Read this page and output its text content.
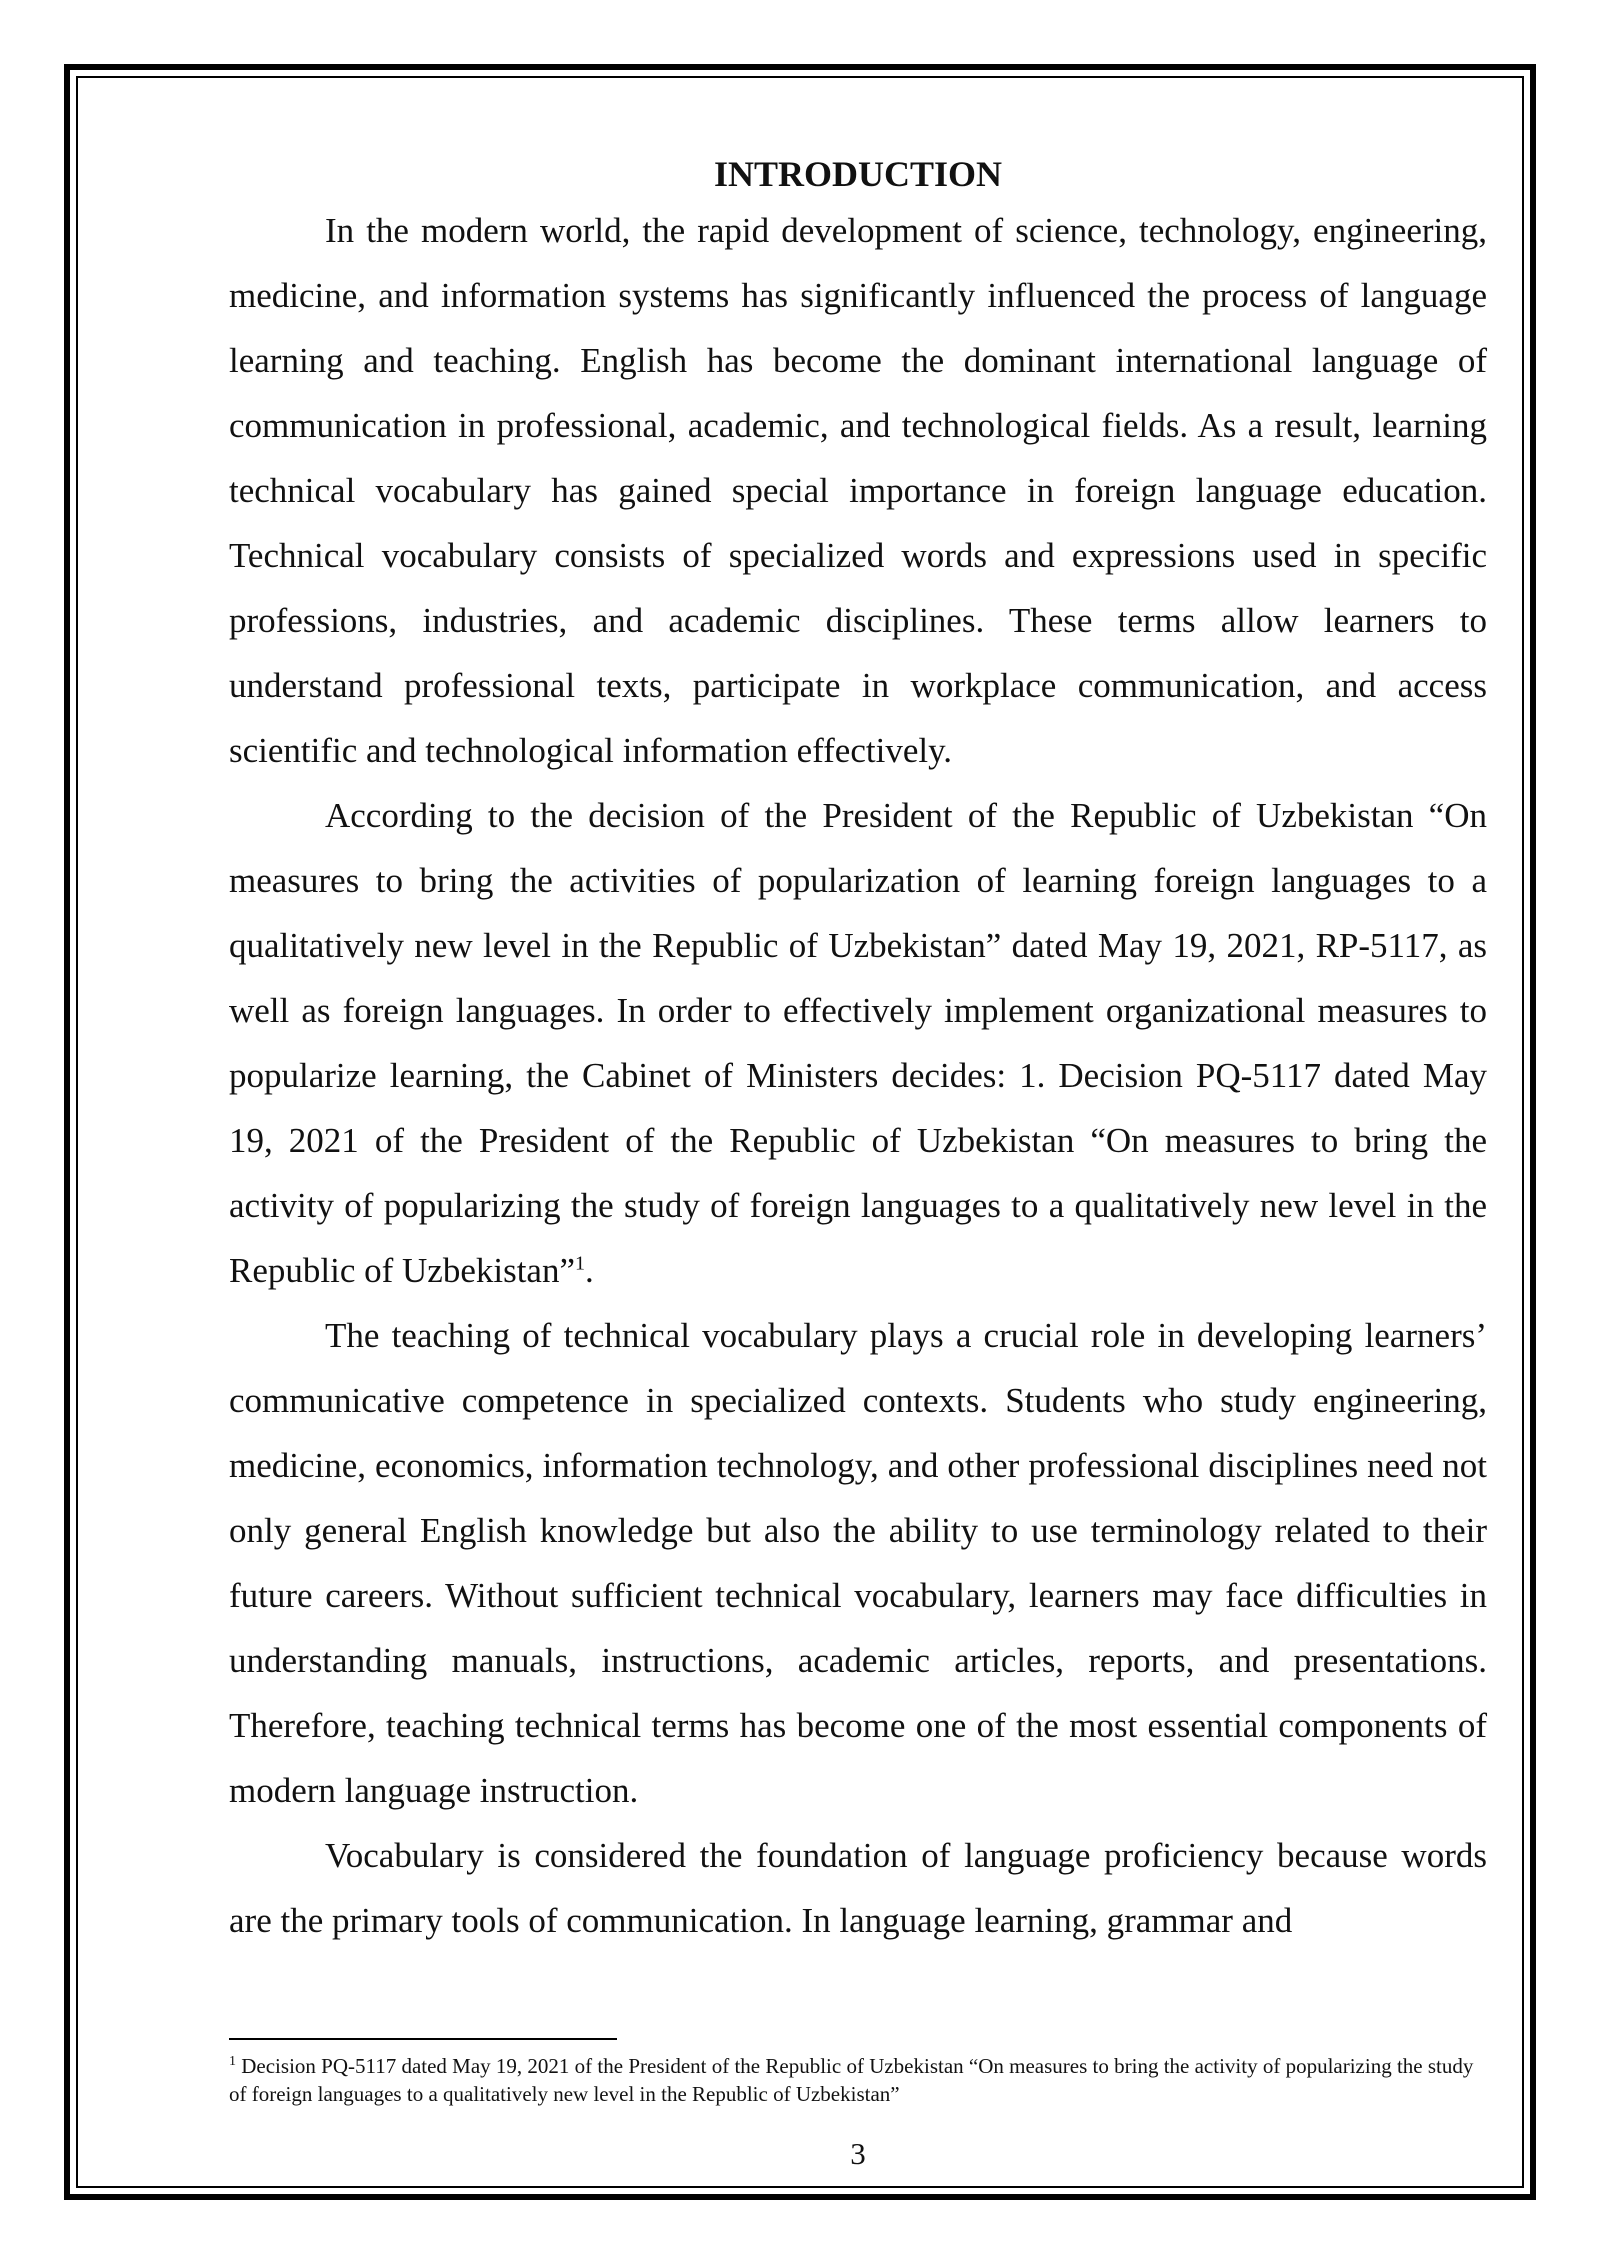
INTRODUCTION

In the modern world, the rapid development of science, technology, engineering, medicine, and information systems has significantly influenced the process of language learning and teaching. English has become the dominant international language of communication in professional, academic, and technological fields. As a result, learning technical vocabulary has gained special importance in foreign language education. Technical vocabulary consists of specialized words and expressions used in specific professions, industries, and academic disciplines. These terms allow learners to understand professional texts, participate in workplace communication, and access scientific and technological information effectively.

According to the decision of the President of the Republic of Uzbekistan “On measures to bring the activities of popularization of learning foreign languages to a qualitatively new level in the Republic of Uzbekistan” dated May 19, 2021, RP-5117, as well as foreign languages. In order to effectively implement organizational measures to popularize learning, the Cabinet of Ministers decides: 1. Decision PQ-5117 dated May 19, 2021 of the President of the Republic of Uzbekistan “On measures to bring the activity of popularizing the study of foreign languages to a qualitatively new level in the Republic of Uzbekistan”$^1$.

The teaching of technical vocabulary plays a crucial role in developing learners’ communicative competence in specialized contexts. Students who study engineering, medicine, economics, information technology, and other professional disciplines need not only general English knowledge but also the ability to use terminology related to their future careers. Without sufficient technical vocabulary, learners may face difficulties in understanding manuals, instructions, academic articles, reports, and presentations. Therefore, teaching technical terms has become one of the most essential components of modern language instruction.

Vocabulary is considered the foundation of language proficiency because words are the primary tools of communication. In language learning, grammar and

$^1$ Decision PQ-5117 dated May 19, 2021 of the President of the Republic of Uzbekistan “On measures to bring the activity of popularizing the study of foreign languages to a qualitatively new level in the Republic of Uzbekistan”

3
